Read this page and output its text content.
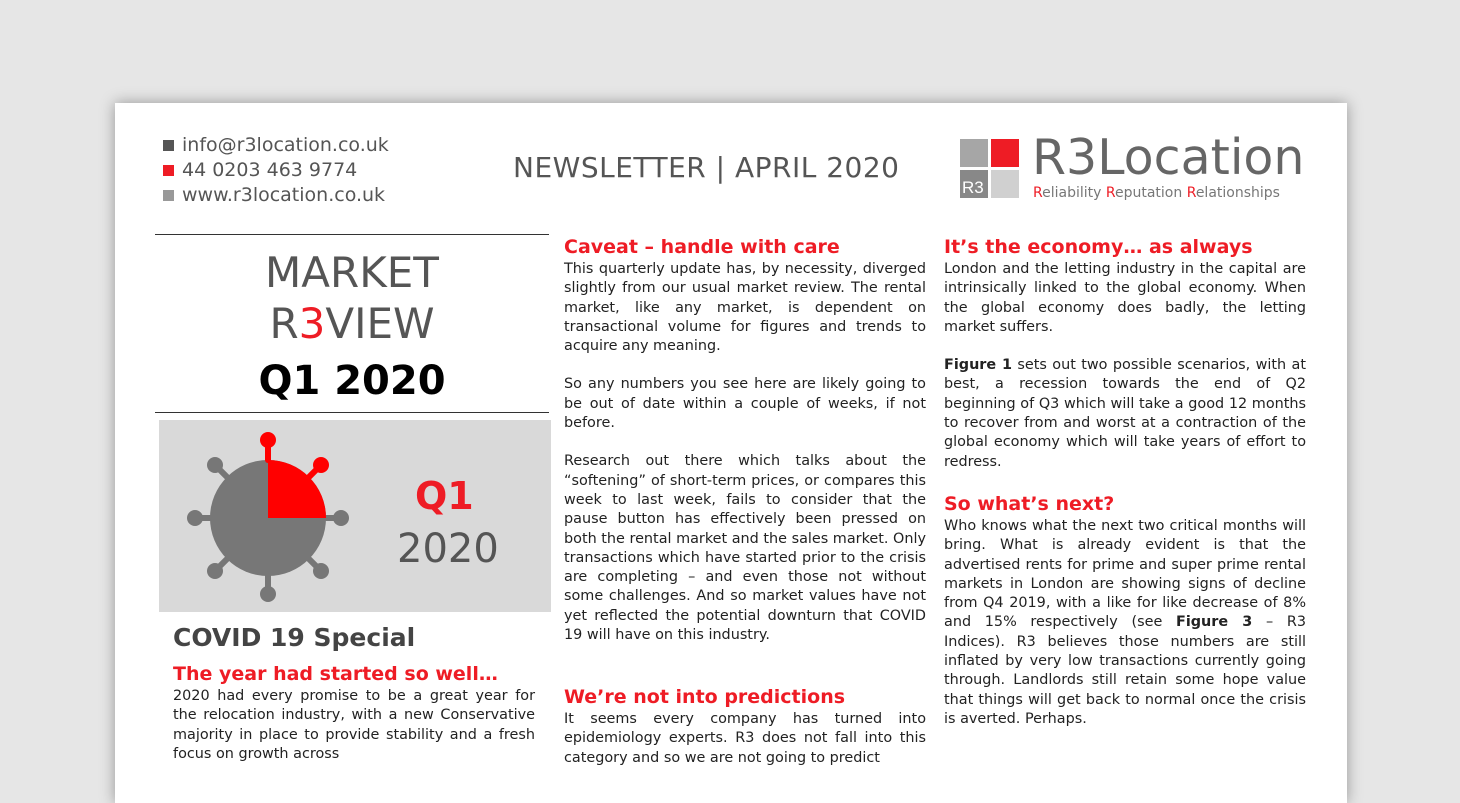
info@r3location.co.uk
44 0203 463 9774
www.r3location.co.uk
NEWSLETTER | APRIL 2020
R3
R3Location
Reliability Reputation Relationships
MARKET
R3VIEW
Q1 2020
Q1
2020
COVID 19 Special
The year had started so well…

2020 had every promise to be a great year for the relocation industry, with a new Conservative majority in place to provide stability and a fresh focus on growth across

Caveat – handle with care

This quarterly update has, by necessity, diverged slightly from our usual market review. The rental market, like any market, is dependent on transactional volume for figures and trends to acquire any meaning.

So any numbers you see here are likely going to be out of date within a couple of weeks, if not before.

Research out there which talks about the “softening” of short-term prices, or compares this week to last week, fails to consider that the pause button has effectively been pressed on both the rental market and the sales market. Only transactions which have started prior to the crisis are completing – and even those not without some challenges. And so market values have not yet reflected the potential downturn that COVID 19 will have on this industry.

We’re not into predictions

It seems every company has turned into epidemiology experts. R3 does not fall into this category and so we are not going to predict

It’s the economy… as always

London and the letting industry in the capital are intrinsically linked to the global economy. When the global economy does badly, the letting market suffers.

Figure 1 sets out two possible scenarios, with at best, a recession towards the end of Q2 beginning of Q3 which will take a good 12 months to recover from and worst at a contraction of the global economy which will take years of effort to redress.

So what’s next?

Who knows what the next two critical months will bring. What is already evident is that the advertised rents for prime and super prime rental markets in London are showing signs of decline from Q4 2019, with a like for like decrease of 8% and 15% respectively (see Figure 3 – R3 Indices). R3 believes those numbers are still inflated by very low transactions currently going through. Landlords still retain some hope value that things will get back to normal once the crisis is averted. Perhaps.
